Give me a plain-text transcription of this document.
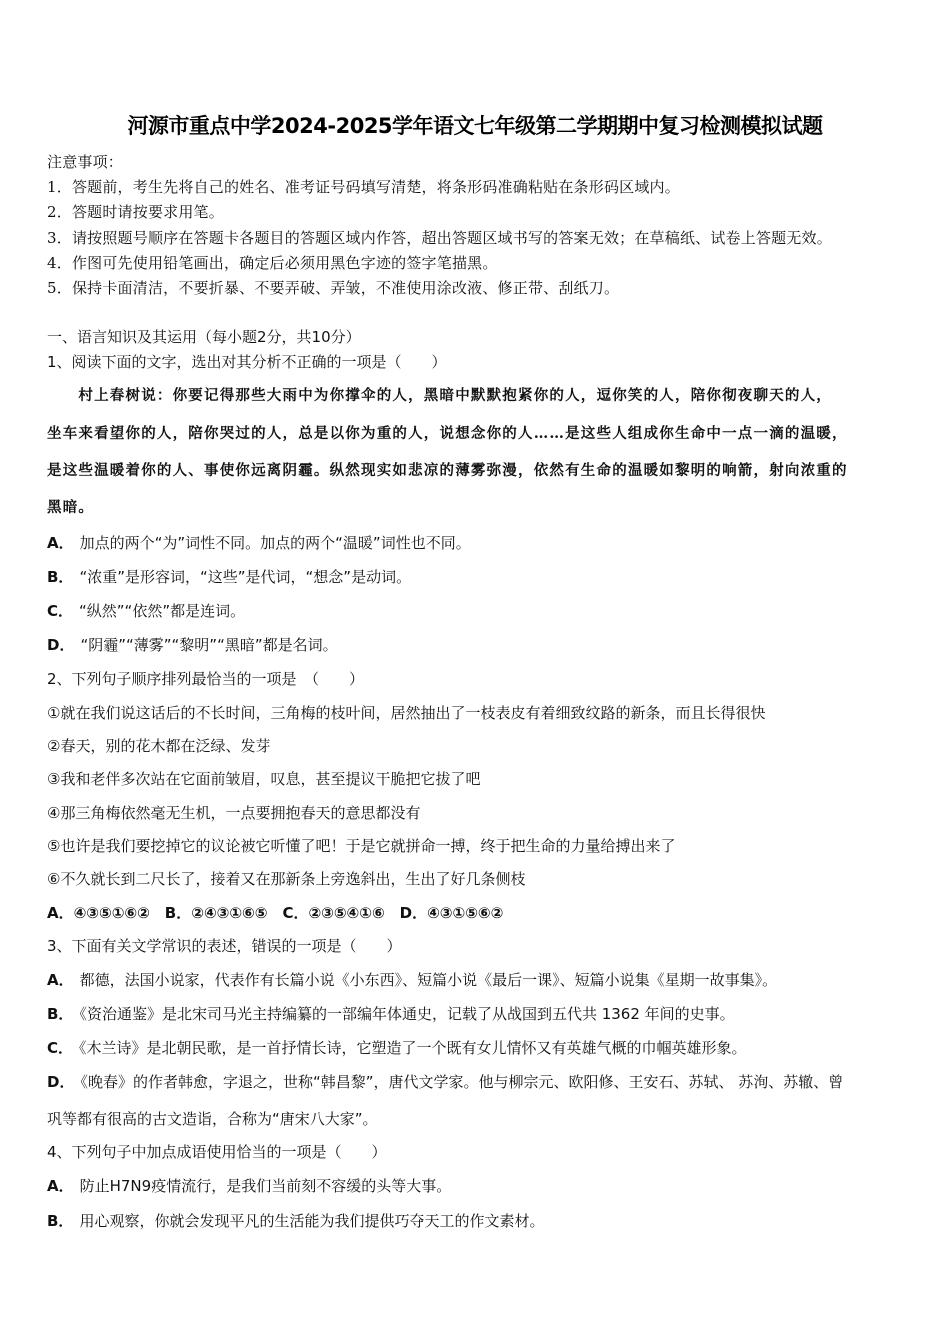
河源市重点中学2024-2025学年语文七年级第二学期期中复习检测模拟试题
注意事项：
1．答题前，考生先将自己的姓名、准考证号码填写清楚，将条形码准确粘贴在条形码区域内。
2．答题时请按要求用笔。
3．请按照题号顺序在答题卡各题目的答题区域内作答，超出答题区域书写的答案无效；在草稿纸、试卷上答题无效。
4．作图可先使用铅笔画出，确定后必须用黑色字迹的签字笔描黑。
5．保持卡面清洁，不要折暴、不要弄破、弄皱，不准使用涂改液、修正带、刮纸刀。
一、语言知识及其运用（每小题2分，共10分）
1、阅读下面的文字，选出对其分析不正确的一项是（　　）
　　村上春树说：你要记得那些大雨中为你撑伞的人，黑暗中默默抱紧你的人，逗你笑的人，陪你彻夜聊天的人，
坐车来看望你的人，陪你哭过的人，总是以你为重的人，说想念你的人……是这些人组成你生命中一点一滴的温暖，
是这些温暖着你的人、事使你远离阴霾。纵然现实如悲凉的薄雾弥漫，依然有生命的温暖如黎明的响箭，射向浓重的
黑暗。
A． 加点的两个“为”词性不同。加点的两个“温暖”词性也不同。
B． “浓重”是形容词，“这些”是代词，“想念”是动词。
C． “纵然”“依然”都是连词。
D． “阴霾”“薄雾”“黎明”“黑暗”都是名词。
2、下列句子顺序排列最恰当的一项是　（　　）
①就在我们说这话后的不长时间，三角梅的枝叶间，居然抽出了一枝表皮有着细致纹路的新条，而且长得很快
②春天，别的花木都在泛绿、发芽
③我和老伴多次站在它面前皱眉，叹息，甚至提议干脆把它拔了吧
④那三角梅依然毫无生机，一点要拥抱春天的意思都没有
⑤也许是我们要挖掉它的议论被它听懂了吧！于是它就拼命一搏，终于把生命的力量给搏出来了
⑥不久就长到二尺长了，接着又在那新条上旁逸斜出，生出了好几条侧枝
A．④③⑤①⑥②　B．②④③①⑥⑤　C．②③⑤④①⑥　D．④③①⑤⑥②
3、下面有关文学常识的表述，错误的一项是（　　）
A． 都德，法国小说家，代表作有长篇小说《小东西》、短篇小说《最后一课》、短篇小说集《星期一故事集》。
B． 《资治通鉴》是北宋司马光主持编纂的一部编年体通史，记载了从战国到五代共 1362 年间的史事。
C． 《木兰诗》是北朝民歌，是一首抒情长诗，它塑造了一个既有女儿情怀又有英雄气概的巾帼英雄形象。
D． 《晚春》的作者韩愈，字退之，世称“韩昌黎”，唐代文学家。他与柳宗元、欧阳修、王安石、苏轼、 苏洵、苏辙、曾
巩等都有很高的古文造诣，合称为“唐宋八大家”。
4、下列句子中加点成语使用恰当的一项是（　　）
A． 防止H7N9疫情流行，是我们当前刻不容缓的头等大事。
B． 用心观察，你就会发现平凡的生活能为我们提供巧夺天工的作文素材。
